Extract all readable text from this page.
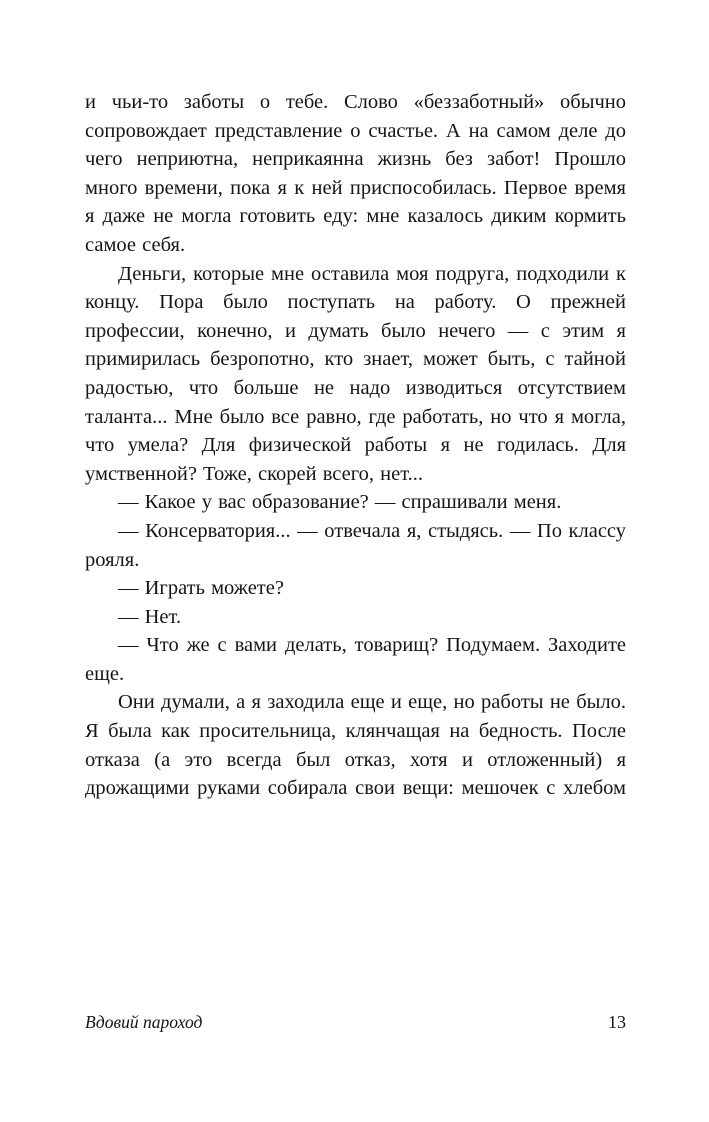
и чьи-то заботы о тебе. Слово «беззаботный» обычно сопровождает представление о счастье. А на самом деле до чего неприютна, неприкаянна жизнь без забот! Прошло много времени, пока я к ней приспособилась. Первое время я даже не могла готовить еду: мне казалось диким кормить самое себя.

Деньги, которые мне оставила моя подруга, подходили к концу. Пора было поступать на работу. О прежней профессии, конечно, и думать было нечего — с этим я примирилась безропотно, кто знает, может быть, с тайной радостью, что больше не надо изводиться отсутствием таланта... Мне было все равно, где работать, но что я могла, что умела? Для физической работы я не годилась. Для умственной? Тоже, скорей всего, нет...

— Какое у вас образование? — спрашивали меня.

— Консерватория... — отвечала я, стыдясь. — По классу рояля.

— Играть можете?

— Нет.

— Что же с вами делать, товарищ? Подумаем. Заходите еще.

Они думали, а я заходила еще и еще, но работы не было. Я была как просительница, клянчащая на бедность. После отказа (а это всегда был отказ, хотя и отложенный) я дрожащими руками собирала свои вещи: мешочек с хлебом

Вдовий пароход	13
